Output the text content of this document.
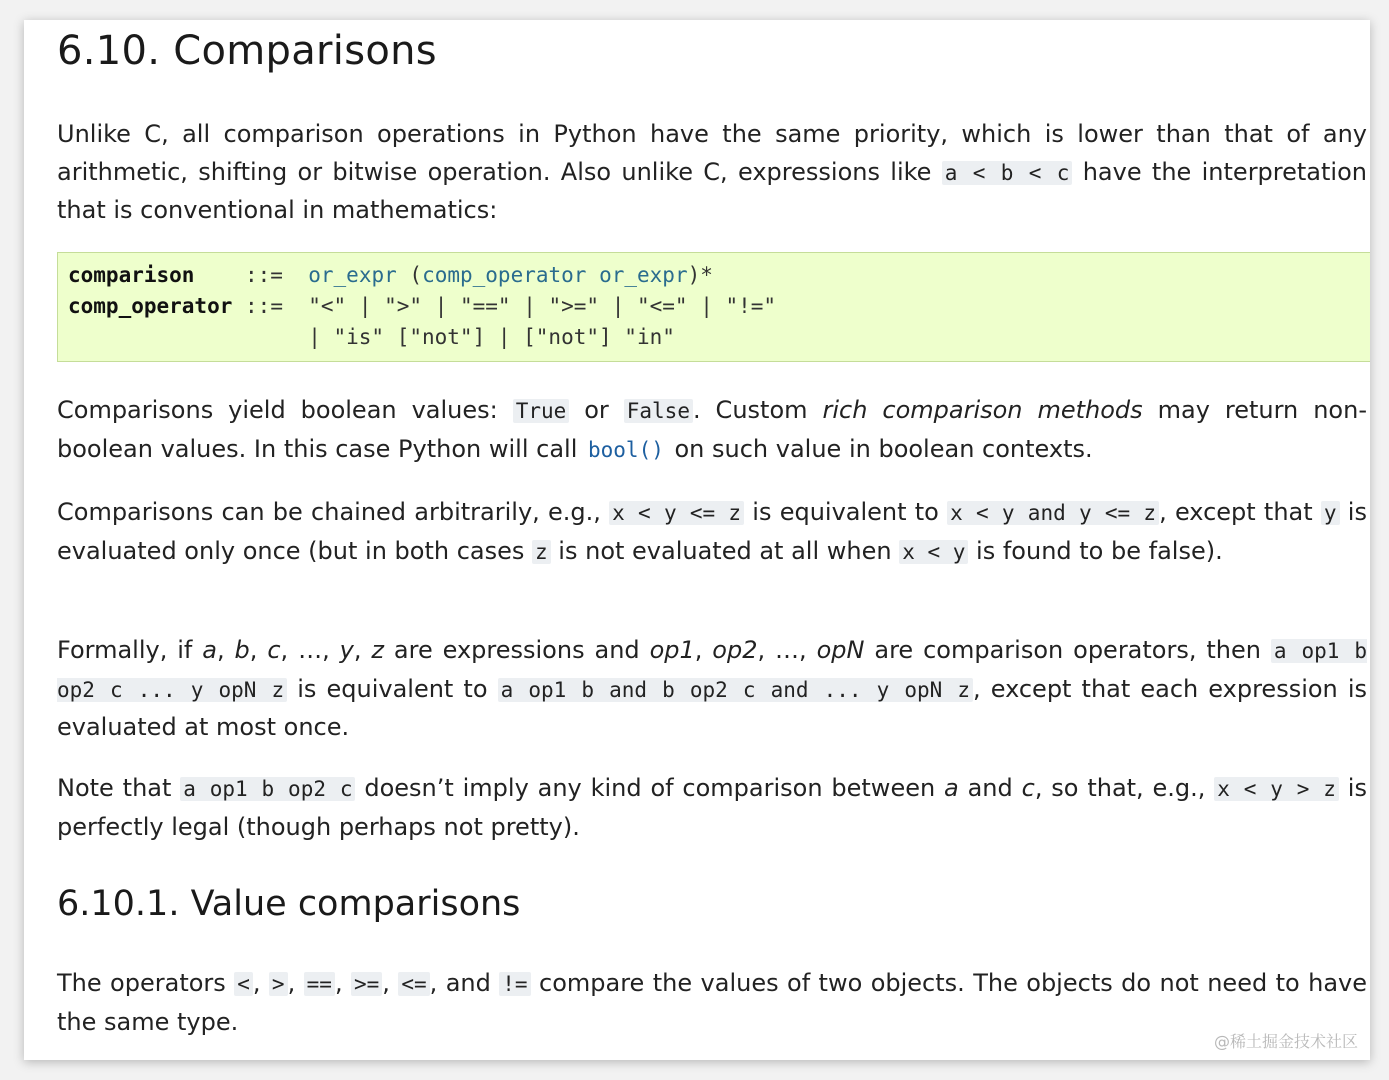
6.10. Comparisons

Unlike C, all comparison operations in Python have the same priority, which is lower than that of any arithmetic, shifting or bitwise operation. Also unlike C, expressions like a < b < c have the interpretation that is conventional in mathematics:

comparison ::= or_expr (comp_operator or_expr)*
comp_operator ::= "<" | ">" | "==" | ">=" | "<=" | "!="
| "is" ["not"] | ["not"] "in"

Comparisons yield boolean values: True or False . Custom rich comparison methods may return non-boolean values. In this case Python will call bool() on such value in boolean contexts.

Comparisons can be chained arbitrarily, e.g., x < y <= z is equivalent to x < y and y <= z , except that y is evaluated only once (but in both cases z is not evaluated at all when x < y is found to be false).

Formally, if a, b, c, …, y, z are expressions and op1, op2, …, opN are comparison operators, then a op1 b op2 c ... y opN z is equivalent to a op1 b and b op2 c and ... y opN z , except that each expression is evaluated at most once.

Note that a op1 b op2 c doesn’t imply any kind of comparison between a and c, so that, e.g., x < y > z is perfectly legal (though perhaps not pretty).

6.10.1. Value comparisons

The operators < , > , == , >= , <= , and != compare the values of two objects. The objects do not need to have the same type.

@稀土掘金技术社区
